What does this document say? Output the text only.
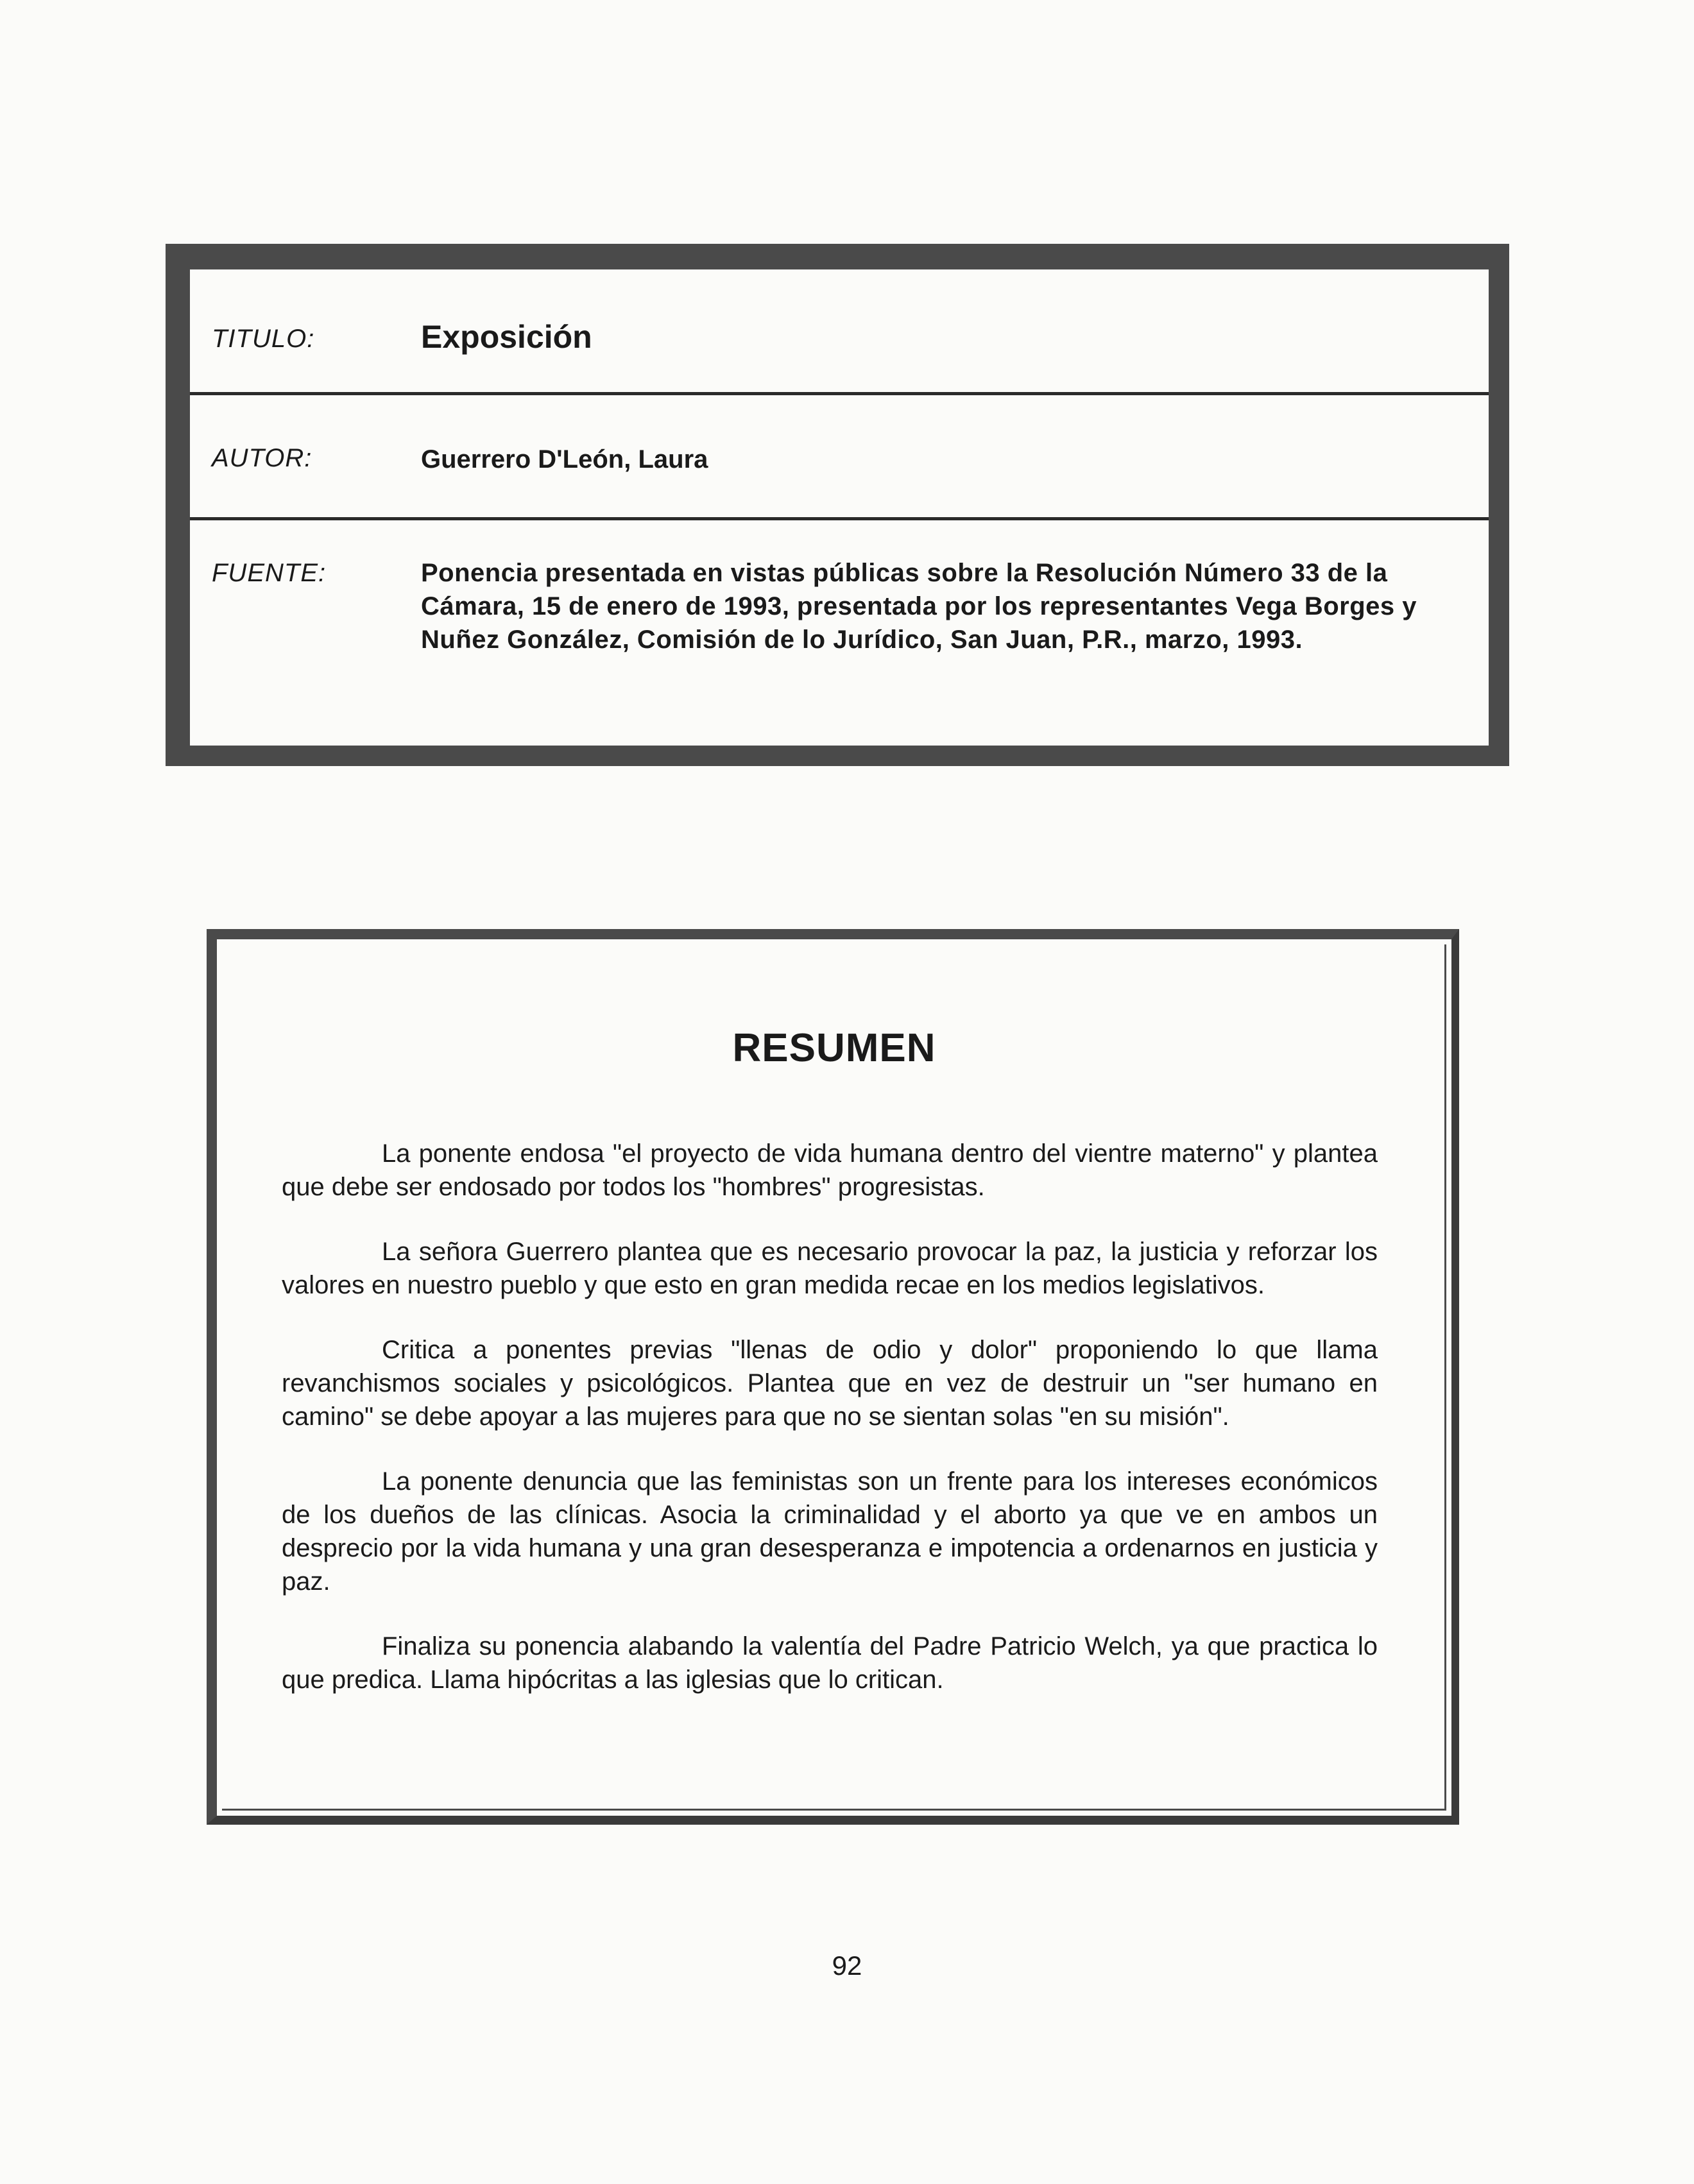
TITULO:	Exposición
AUTOR:	Guerrero D'León, Laura
FUENTE:	Ponencia presentada en vistas públicas sobre la Resolución Número 33 de la Cámara, 15 de enero de 1993, presentada por los representantes Vega Borges y Nuñez González, Comisión de lo Jurídico, San Juan, P.R., marzo, 1993.
RESUMEN

La ponente endosa "el proyecto de vida humana dentro del vientre materno" y plantea que debe ser endosado por todos los "hombres" progresistas.

La señora Guerrero plantea que es necesario provocar la paz, la justicia y reforzar los valores en nuestro pueblo y que esto en gran medida recae en los medios legislativos.

Critica a ponentes previas "llenas de odio y dolor" proponiendo lo que llama revanchismos sociales y psicológicos. Plantea que en vez de destruir un "ser humano en camino" se debe apoyar a las mujeres para que no se sientan solas "en su misión".

La ponente denuncia que las feministas son un frente para los intereses económicos de los dueños de las clínicas. Asocia la criminalidad y el aborto ya que ve en ambos un desprecio por la vida humana y una gran desesperanza e impotencia a ordenarnos en justicia y paz.

Finaliza su ponencia alabando la valentía del Padre Patricio Welch, ya que practica lo que predica. Llama hipócritas a las iglesias que lo critican.

92
